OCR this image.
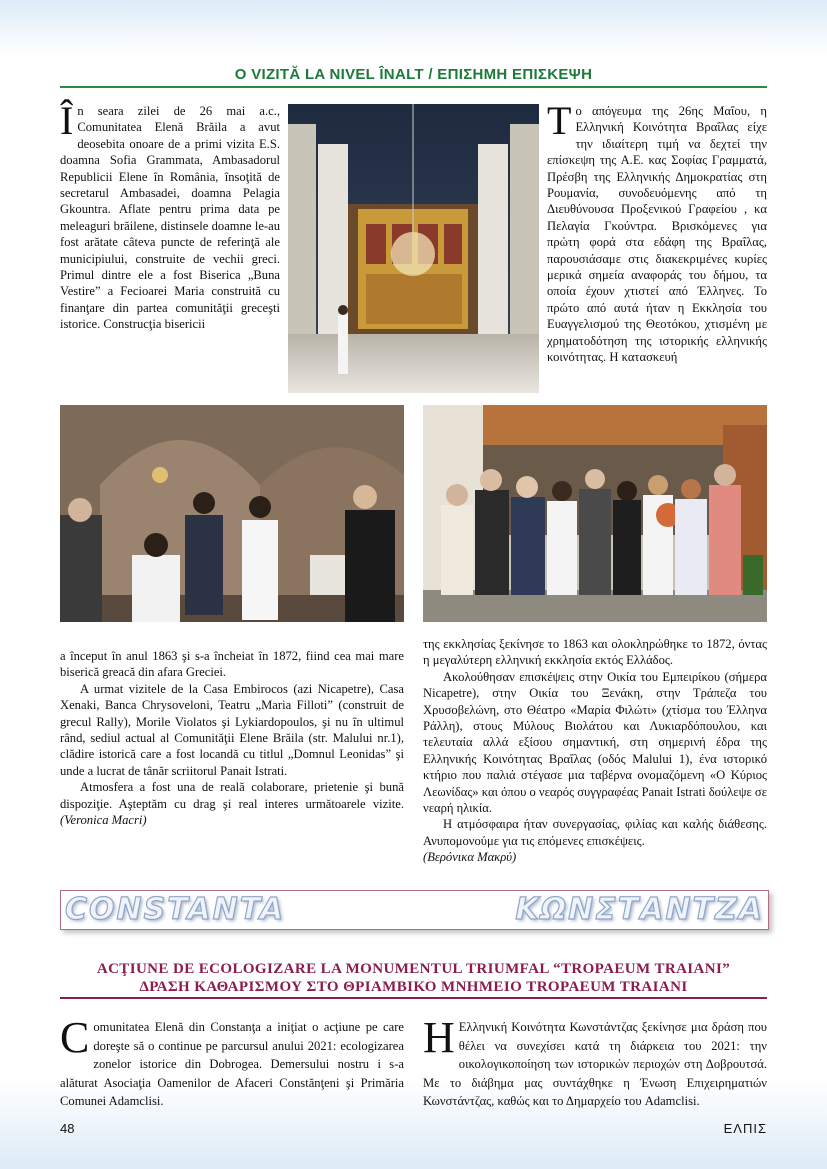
O VIZITĂ LA NIVEL ÎNALT / ΕΠΙΣΗΜΗ ΕΠΙΣΚΕΨΗ
În seara zilei de 26 mai a.c., Comunitatea Elenă Brăila a avut deosebita onoare de a primi vizita E.S. doamna Sofia Grammata, Ambasadorul Republicii Elene în România, însoţită de secretarul Ambasadei, doamna Pelagia Gkountra. Aflate pentru prima data pe meleaguri brăilene, distinsele doamne le-au fost arătate câteva puncte de referinţă ale municipiului, construite de vechii greci. Primul dintre ele a fost Biserica „Buna Vestire” a Fecioarei Maria construită cu finanţare din partea comunităţii greceşti istorice. Construcţia bisericii
Το απόγευμα της 26ης Μαΐου, η Ελληνική Κοινότητα Βραΐλας είχε την ιδιαίτερη τιμή να δεχτεί την επίσκεψη της Α.Ε. κας Σοφίας Γραμματά, Πρέσβη της Ελληνικής Δημοκρατίας στη Ρουμανία, συνοδευόμενης από τη Διευθύνουσα Προξενικού Γραφείου , κα Πελαγία Γκούντρα. Βρισκόμενες για πρώτη φορά στα εδάφη της Βραΐλας, παρουσιάσαμε στις διακεκριμένες κυρίες μερικά σημεία αναφοράς του δήμου, τα οποία έχουν χτιστεί από Έλληνες. Το πρώτο από αυτά ήταν η Εκκλησία του Ευαγγελισμού της Θεοτόκου, χτισμένη με χρηματοδότηση της ιστορικής ελληνικής κοινότητας. Η κατασκευή

a început în anul 1863 şi s-a încheiat în 1872, fiind cea mai mare biserică greacă din afara Greciei.

A urmat vizitele de la Casa Embirocos (azi Nicapetre), Casa Xenaki, Banca Chrysoveloni, Teatru „Maria Filloti” (construit de grecul Rally), Morile Violatos şi Lykiardopoulos, şi nu în ultimul rând, sediul actual al Comunităţii Elene Brăila (str. Malului nr.1), clădire istorică care a fost locandă cu titlul „Domnul Leonidas” şi unde a lucrat de tânăr scriitorul Panait Istrati.

Atmosfera a fost una de reală colaborare, prietenie şi bună dispoziţie. Aşteptăm cu drag şi real interes următoarele vizite. (Veronica Macri)

της εκκλησίας ξεκίνησε το 1863 και ολοκληρώθηκε το 1872, όντας η μεγαλύτερη ελληνική εκκλησία εκτός Ελλάδος.

Ακολούθησαν επισκέψεις στην Οικία του Εμπειρίκου (σήμερα Nicapetre), στην Οικία του Ξενάκη, στην Τράπεζα του Χρυσοβελώνη, στο Θέατρο «Μαρία Φιλώτι» (χτίσμα του Έλληνα Ράλλη), στους Μύλους Βιολάτου και Λυκιαρδόπουλου, και τελευταία αλλά εξίσου σημαντική, στη σημερινή έδρα της Ελληνικής Κοινότητας Βραΐλας (οδός Malului 1), ένα ιστορικό κτήριο που παλιά στέγασε μια ταβέρνα ονομαζόμενη «Ο Κύριος Λεωνίδας» και όπου ο νεαρός συγγραφέας Panait Istrati δούλεψε σε νεαρή ηλικία.

Η ατμόσφαιρα ήταν συνεργασίας, φιλίας και καλής διάθεσης. Ανυπομονούμε για τις επόμενες επισκέψεις.

(Βερόνικα Μακρύ)

CONSTANTA	ΚΩΝΣΤΑΝΤΖΑ
ACŢIUNE DE ECOLOGIZARE LA MONUMENTUL TRIUMFAL “TROPAEUM TRAIANI”
ΔΡΑΣΗ ΚΑΘΑΡΙΣΜΟΥ ΣΤΟ ΘΡΙΑΜΒΙΚΟ ΜΝΗΜΕΙΟ TROPAEUM TRAIANI
Comunitatea Elenă din Constanţa a iniţiat o acţiune pe care doreşte să o continue pe parcursul anului 2021: ecologizarea zonelor istorice din Dobrogea. Demersului nostru i s-a alăturat Asociaţia Oamenilor de Afaceri Constănţeni şi Primăria Comunei Adamclisi.
Η Ελληνική Κοινότητα Κωνστάντζας ξεκίνησε μια δράση που θέλει να συνεχίσει κατά τη διάρκεια του 2021: την οικολογικοποίηση των ιστορικών περιοχών στη Δοβρουτσά. Με το διάβημα μας συντάχθηκε η Ένωση Επιχειρηματιών Κωνστάντζας, καθώς και το Δημαρχείο του Adamclisi.
48	ΕΛΠΙΣ
